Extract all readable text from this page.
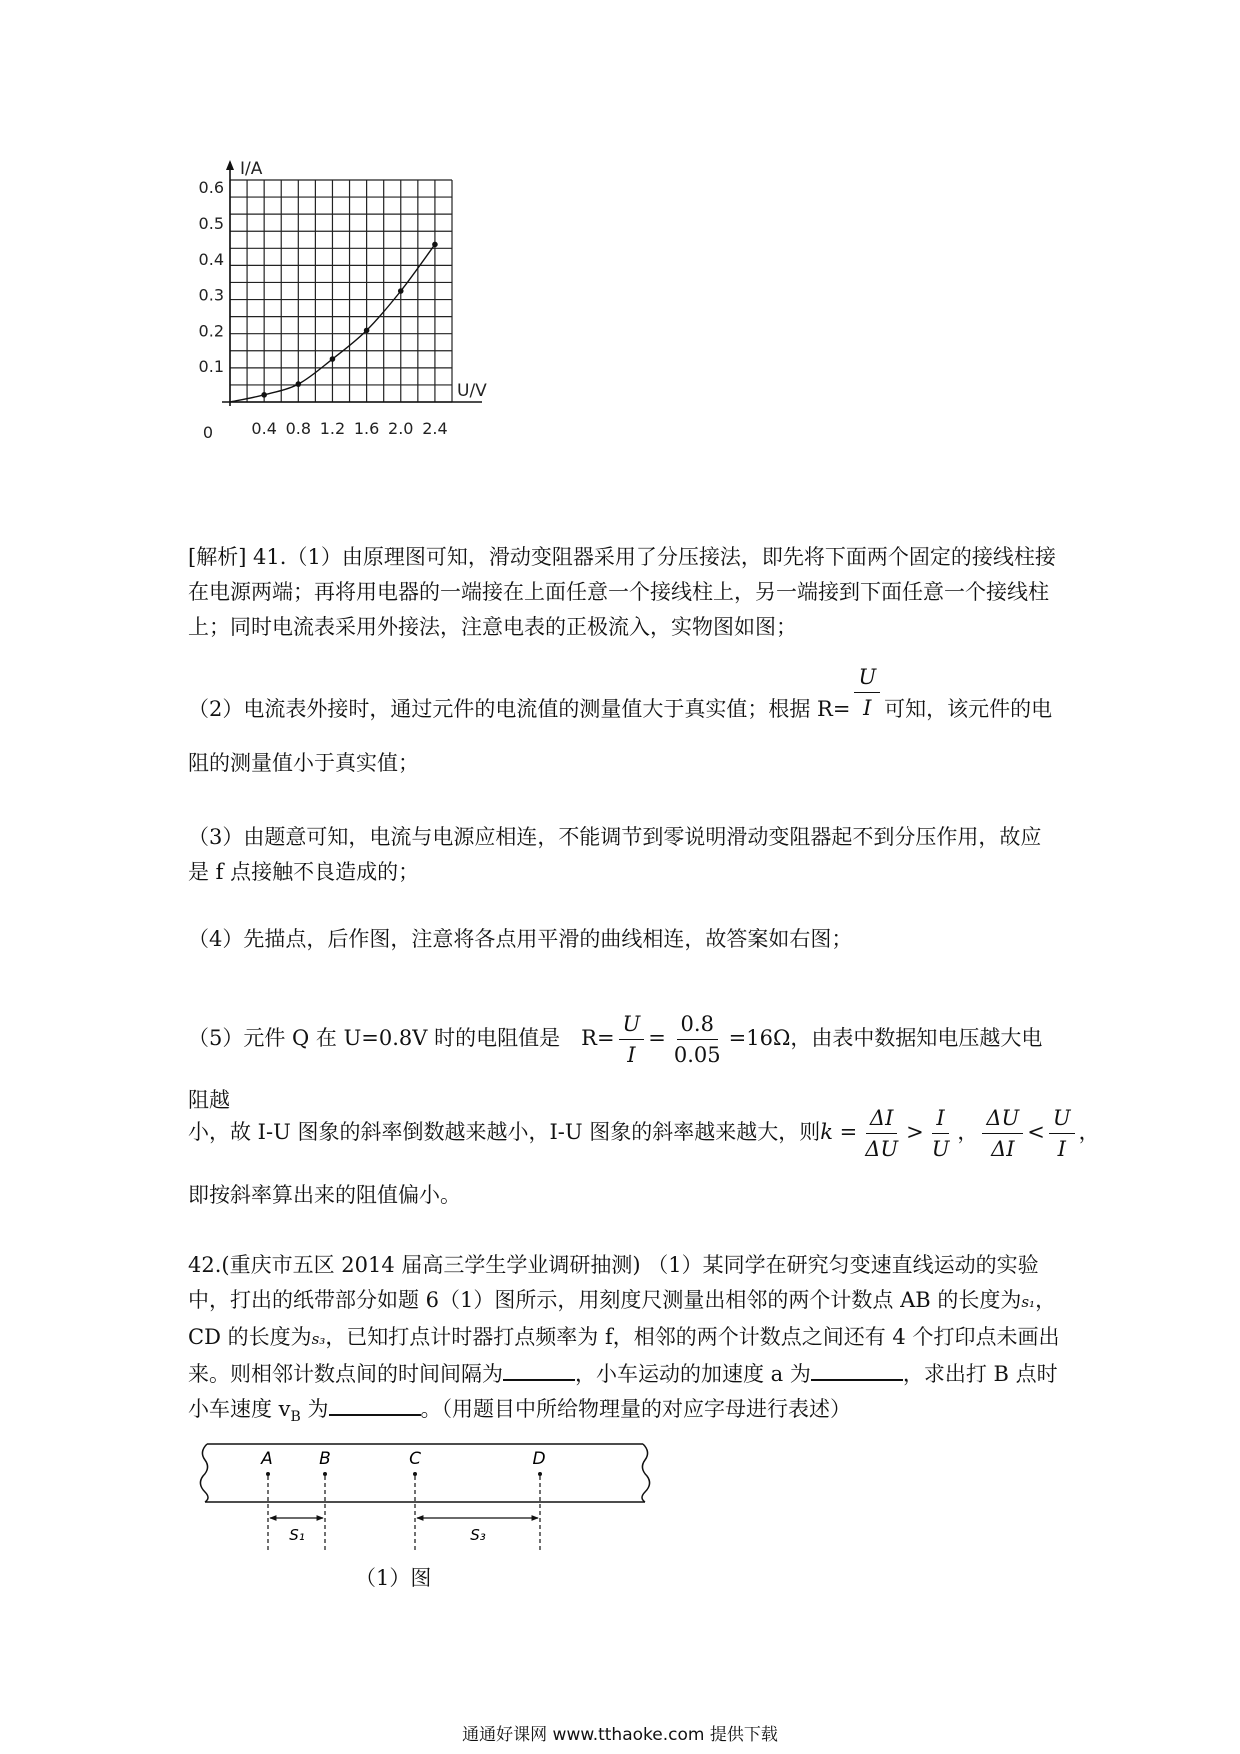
I/A
U/V
0 0.4 0.8 1.2 1.6 2.0 2.4
0.1
0.2
0.3
0.4
0.5
0.6

[解析] 41.（1）由原理图可知，滑动变阻器采用了分压接法，即先将下面两个固定的接线柱接在电源两端；再将用电器的一端接在上面任意一个接线柱上，另一端接到下面任意一个接线柱上；同时电流表采用外接法，注意电表的正极流入，实物图如图；

（2）电流表外接时，通过元件的电流值的测量值大于真实值；根据 $R= \frac{U}{I}$ 可知，该元件的电阻的测量值小于真实值；

（3）由题意可知，电流与电源应相连，不能调节到零说明滑动变阻器起不到分压作用，故应是 f 点接触不良造成的；

（4）先描点，后作图，注意将各点用平滑的曲线相连，故答案如右图；

（5）元件 Q 在 U=0.8V 时的电阻值是　$R= \frac{U}{I} = \frac{0.8}{0.05} =16\Omega$，由表中数据知电压越大电阻越

小，故 I-U 图象的斜率倒数越来越小，I-U 图象的斜率越来越大，则$k = \frac{\Delta I}{\Delta U} > \frac{I}{U}$ ， $\frac{\Delta U}{\Delta I} < \frac{U}{I}$ ，

即按斜率算出来的阻值偏小。

42.(重庆市五区 2014 届高三学生学业调研抽测) （1）某同学在研究匀变速直线运动的实验中，打出的纸带部分如题 6（1）图所示，用刻度尺测量出相邻的两个计数点 AB 的长度为s₁，CD 的长度为s₃，已知打点计时器打点频率为 f，相邻的两个计数点之间还有 4 个打印点未画出来。则相邻计数点间的时间间隔为	，小车运动的加速度 a 为	，求出打 B 点时小车速度 $v_B$ 为	。（用题目中所给物理量的对应字母进行表述）

A	B	C	D
S₁	S₃
（1）图
通通好课网 www.tthaoke.com 提供下载
